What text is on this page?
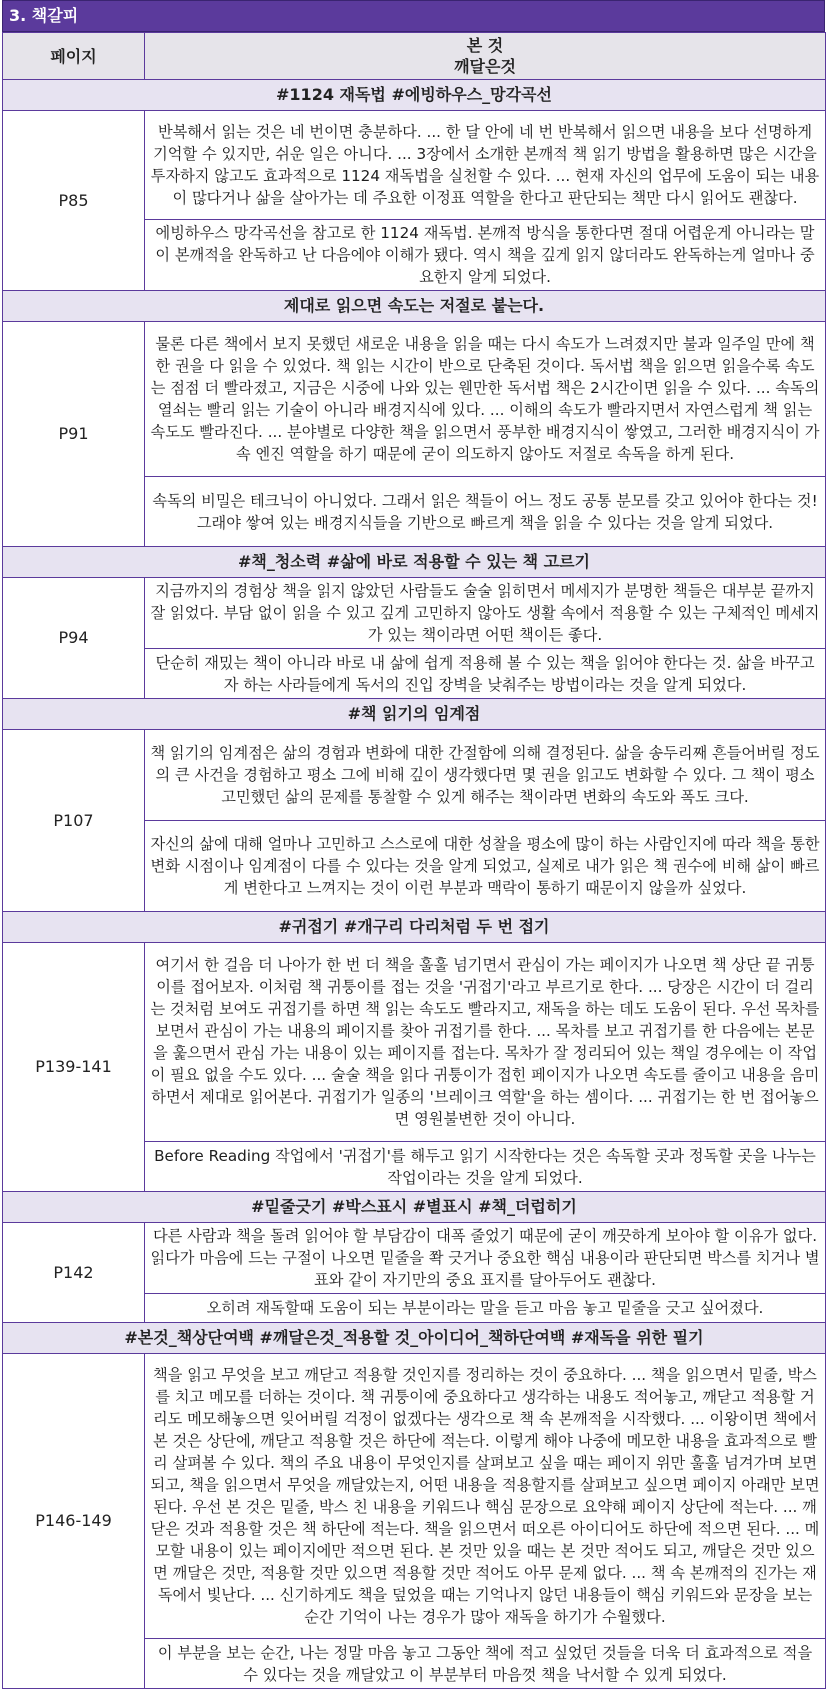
3. 책갈피
페이지	본 것
깨달은것

#1124 재독법 #에빙하우스_망각곡선	
P85	반복해서 읽는 것은 네 번이면 충분하다. ... 한 달 안에 네 번 반복해서 읽으면 내용을 보다 선명하게 기억할 수 있지만, 쉬운 일은 아니다. ... 3장에서 소개한 본깨적 책 읽기 방법을 활용하면 많은 시간을 투자하지 않고도 효과적으로 1124 재독법을 실천할 수 있다. ... 현재 자신의 업무에 도움이 되는 내용이 많다거나 삶을 살아가는 데 주요한 이정표 역할을 한다고 판단되는 책만 다시 읽어도 괜찮다.
	에빙하우스 망각곡선을 참고로 한 1124 재독법. 본깨적 방식을 통한다면 절대 어렵운게 아니라는 말이 본깨적을 완독하고 난 다음에야 이해가 됐다. 역시 책을 깊게 읽지 않더라도 완독하는게 얼마나 중요한지 알게 되었다.
제대로 읽으면 속도는 저절로 붙는다.	
P91	물론 다른 책에서 보지 못했던 새로운 내용을 읽을 때는 다시 속도가 느려졌지만 불과 일주일 만에 책 한 권을 다 읽을 수 있었다. 책 읽는 시간이 반으로 단축된 것이다. 독서법 책을 읽으면 읽을수록 속도는 점점 더 빨라졌고, 지금은 시중에 나와 있는 웬만한 독서법 책은 2시간이면 읽을 수 있다. ... 속독의 열쇠는 빨리 읽는 기술이 아니라 배경지식에 있다. ... 이해의 속도가 빨라지면서 자연스럽게 책 읽는 속도도 빨라진다. ... 분야별로 다양한 책을 읽으면서 풍부한 배경지식이 쌓였고, 그러한 배경지식이 가속 엔진 역할을 하기 때문에 굳이 의도하지 않아도 저절로 속독을 하게 된다.
	속독의 비밀은 테크닉이 아니었다. 그래서 읽은 책들이 어느 정도 공통 분모를 갖고 있어야 한다는 것! 그래야 쌓여 있는 배경지식들을 기반으로 빠르게 책을 읽을 수 있다는 것을 알게 되었다.
#책_청소력 #삶에 바로 적용할 수 있는 책 고르기	
P94	지금까지의 경험상 책을 읽지 않았던 사람들도 술술 읽히면서 메세지가 분명한 책들은 대부분 끝까지 잘 읽었다. 부담 없이 읽을 수 있고 깊게 고민하지 않아도 생활 속에서 적용할 수 있는 구체적인 메세지가 있는 책이라면 어떤 책이든 좋다.
	단순히 재밌는 책이 아니라 바로 내 삶에 쉽게 적용해 볼 수 있는 책을 읽어야 한다는 것. 삶을 바꾸고자 하는 사라들에게 독서의 진입 장벽을 낮춰주는 방법이라는 것을 알게 되었다.
#책 읽기의 임계점	
P107	책 읽기의 임계점은 삶의 경험과 변화에 대한 간절함에 의해 결정된다. 삶을 송두리째 흔들어버릴 정도의 큰 사건을 경험하고 평소 그에 비해 깊이 생각했다면 몇 권을 읽고도 변화할 수 있다. 그 책이 평소 고민했던 삶의 문제를 통찰할 수 있게 해주는 책이라면 변화의 속도와 폭도 크다.
	자신의 삶에 대해 얼마나 고민하고 스스로에 대한 성찰을 평소에 많이 하는 사람인지에 따라 책을 통한 변화 시점이나 임계점이 다를 수 있다는 것을 알게 되었고, 실제로 내가 읽은 책 권수에 비해 삶이 빠르게 변한다고 느껴지는 것이 이런 부분과 맥락이 통하기 때문이지 않을까 싶었다.
#귀접기 #개구리 다리처럼 두 번 접기	
P139-141	여기서 한 걸음 더 나아가 한 번 더 책을 훌훌 넘기면서 관심이 가는 페이지가 나오면 책 상단 끝 귀퉁이를 접어보자. 이처럼 책 귀퉁이를 접는 것을 '귀접기'라고 부르기로 한다. ... 당장은 시간이 더 걸리는 것처럼 보여도 귀접기를 하면 책 읽는 속도도 빨라지고, 재독을 하는 데도 도움이 된다. 우선 목차를 보면서 관심이 가는 내용의 페이지를 찾아 귀접기를 한다. ... 목차를 보고 귀접기를 한 다음에는 본문을 훑으면서 관심 가는 내용이 있는 페이지를 접는다. 목차가 잘 정리되어 있는 책일 경우에는 이 작업이 필요 없을 수도 있다. ... 술술 책을 읽다 귀퉁이가 접힌 페이지가 나오면 속도를 줄이고 내용을 음미하면서 제대로 읽어본다. 귀접기가 일종의 '브레이크 역할'을 하는 셈이다. ... 귀접기는 한 번 접어놓으면 영원불변한 것이 아니다.
	Before Reading 작업에서 '귀접기'를 해두고 읽기 시작한다는 것은 속독할 곳과 정독할 곳을 나누는 작업이라는 것을 알게 되었다.
#밑줄긋기 #박스표시 #별표시 #책_더럽히기	
P142	다른 사람과 책을 돌려 읽어야 할 부담감이 대폭 줄었기 때문에 굳이 깨끗하게 보아야 할 이유가 없다. 읽다가 마음에 드는 구절이 나오면 밑줄을 쫙 긋거나 중요한 핵심 내용이라 판단되면 박스를 치거나 별표와 같이 자기만의 중요 표지를 달아두어도 괜찮다.
	오히려 재독할때 도움이 되는 부분이라는 말을 듣고 마음 놓고 밑줄을 긋고 싶어졌다.
#본것_책상단여백 #깨달은것_적용할 것_아이디어_책하단여백 #재독을 위한 필기	
P146-149	책을 읽고 무엇을 보고 깨닫고 적용할 것인지를 정리하는 것이 중요하다. ... 책을 읽으면서 밑줄, 박스를 치고 메모를 더하는 것이다. 책 귀퉁이에 중요하다고 생각하는 내용도 적어놓고, 깨닫고 적용할 거리도 메모해놓으면 잊어버릴 걱정이 없겠다는 생각으로 책 속 본깨적을 시작했다. ... 이왕이면 책에서 본 것은 상단에, 깨닫고 적용할 것은 하단에 적는다. 이렇게 해야 나중에 메모한 내용을 효과적으로 빨리 살펴볼 수 있다. 책의 주요 내용이 무엇인지를 살펴보고 싶을 때는 페이지 위만 훌훌 넘겨가며 보면 되고, 책을 읽으면서 무엇을 깨달았는지, 어떤 내용을 적용할지를 살펴보고 싶으면 페이지 아래만 보면 된다. 우선 본 것은 밑줄, 박스 친 내용을 키워드나 핵심 문장으로 요약해 페이지 상단에 적는다. ... 깨닫은 것과 적용할 것은 책 하단에 적는다. 책을 읽으면서 떠오른 아이디어도 하단에 적으면 된다. ... 메모할 내용이 있는 페이지에만 적으면 된다. 본 것만 있을 때는 본 것만 적어도 되고, 깨달은 것만 있으면 깨달은 것만, 적용할 것만 있으면 적용할 것만 적어도 아무 문제 없다. ... 책 속 본깨적의 진가는 재독에서 빛난다. ... 신기하게도 책을 덮었을 때는 기억나지 않던 내용들이 핵심 키워드와 문장을 보는 순간 기억이 나는 경우가 많아 재독을 하기가 수월했다.
	이 부분을 보는 순간, 나는 정말 마음 놓고 그동안 책에 적고 싶었던 것들을 더욱 더 효과적으로 적을 수 있다는 것을 깨달았고 이 부분부터 마음껏 책을 낙서할 수 있게 되었다.
